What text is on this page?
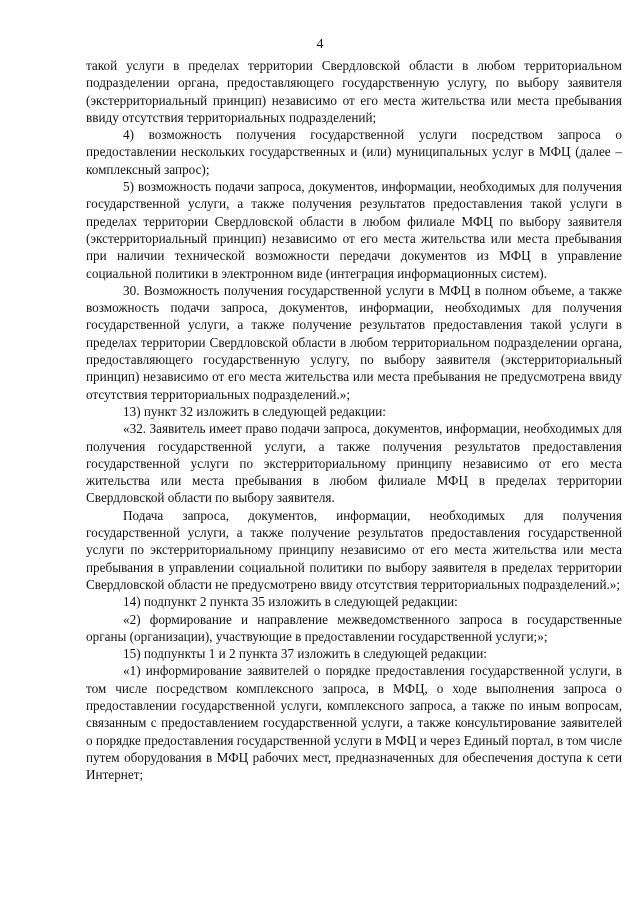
4

такой услуги в пределах территории Свердловской области в любом территориальном подразделении органа, предоставляющего государственную услугу, по выбору заявителя (экстерриториальный принцип) независимо от его места жительства или места пребывания ввиду отсутствия территориальных подразделений;

4) возможность получения государственной услуги посредством запроса о предоставлении нескольких государственных и (или) муниципальных услуг в МФЦ (далее – комплексный запрос);

5) возможность подачи запроса, документов, информации, необходимых для получения государственной услуги, а также получения результатов предоставления такой услуги в пределах территории Свердловской области в любом филиале МФЦ по выбору заявителя (экстерриториальный принцип) независимо от его места жительства или места пребывания при наличии технической возможности передачи документов из МФЦ в управление социальной политики в электронном виде (интеграция информационных систем).

30. Возможность получения государственной услуги в МФЦ в полном объеме, а также возможность подачи запроса, документов, информации, необходимых для получения государственной услуги, а также получение результатов предоставления такой услуги в пределах территории Свердловской области в любом территориальном подразделении органа, предоставляющего государственную услугу, по выбору заявителя (экстерриториальный принцип) независимо от его места жительства или места пребывания не предусмотрена ввиду отсутствия территориальных подразделений.»;

13) пункт 32 изложить в следующей редакции:

«32. Заявитель имеет право подачи запроса, документов, информации, необходимых для получения государственной услуги, а также получения результатов предоставления государственной услуги по экстерриториальному принципу независимо от его места жительства или места пребывания в любом филиале МФЦ в пределах территории Свердловской области по выбору заявителя.

Подача запроса, документов, информации, необходимых для получения государственной услуги, а также получение результатов предоставления государственной услуги по экстерриториальному принципу независимо от его места жительства или места пребывания в управлении социальной политики по выбору заявителя в пределах территории Свердловской области не предусмотрено ввиду отсутствия территориальных подразделений.»;

14) подпункт 2 пункта 35 изложить в следующей редакции:

«2) формирование и направление межведомственного запроса в государственные органы (организации), участвующие в предоставлении государственной услуги;»;

15) подпункты 1 и 2 пункта 37 изложить в следующей редакции:

«1) информирование заявителей о порядке предоставления государственной услуги, в том числе посредством комплексного запроса, в МФЦ, о ходе выполнения запроса о предоставлении государственной услуги, комплексного запроса, а также по иным вопросам, связанным с предоставлением государственной услуги, а также консультирование заявителей о порядке предоставления государственной услуги в МФЦ и через Единый портал, в том числе путем оборудования в МФЦ рабочих мест, предназначенных для обеспечения доступа к сети Интернет;
